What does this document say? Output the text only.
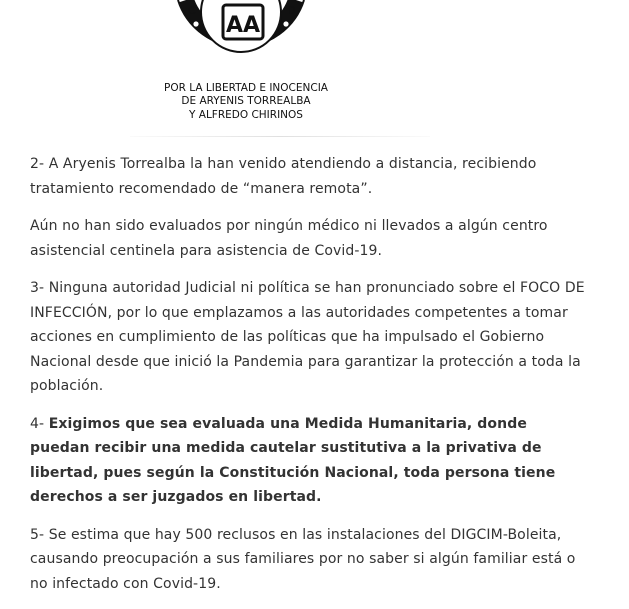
AA
C	D
POR LA LIBERTAD E INOCENCIA
DE ARYENIS TORREALBA
Y ALFREDO CHIRINOS

2- A Aryenis Torrealba la han venido atendiendo a distancia, recibiendo tratamiento recomendado de “manera remota”.

Aún no han sido evaluados por ningún médico ni llevados a algún centro asistencial centinela para asistencia de Covid-19.

3- Ninguna autoridad Judicial ni política se han pronunciado sobre el FOCO DE INFECCIÓN, por lo que emplazamos a las autoridades competentes a tomar acciones en cumplimiento de las políticas que ha impulsado el Gobierno Nacional desde que inició la Pandemia para garantizar la protección a toda la población.

4- Exigimos que sea evaluada una Medida Humanitaria, donde puedan recibir una medida cautelar sustitutiva a la privativa de libertad, pues según la Constitución Nacional, toda persona tiene derechos a ser juzgados en libertad.

5- Se estima que hay 500 reclusos en las instalaciones del DIGCIM-Boleita, causando preocupación a sus familiares por no saber si algún familiar está o no infectado con Covid-19.
